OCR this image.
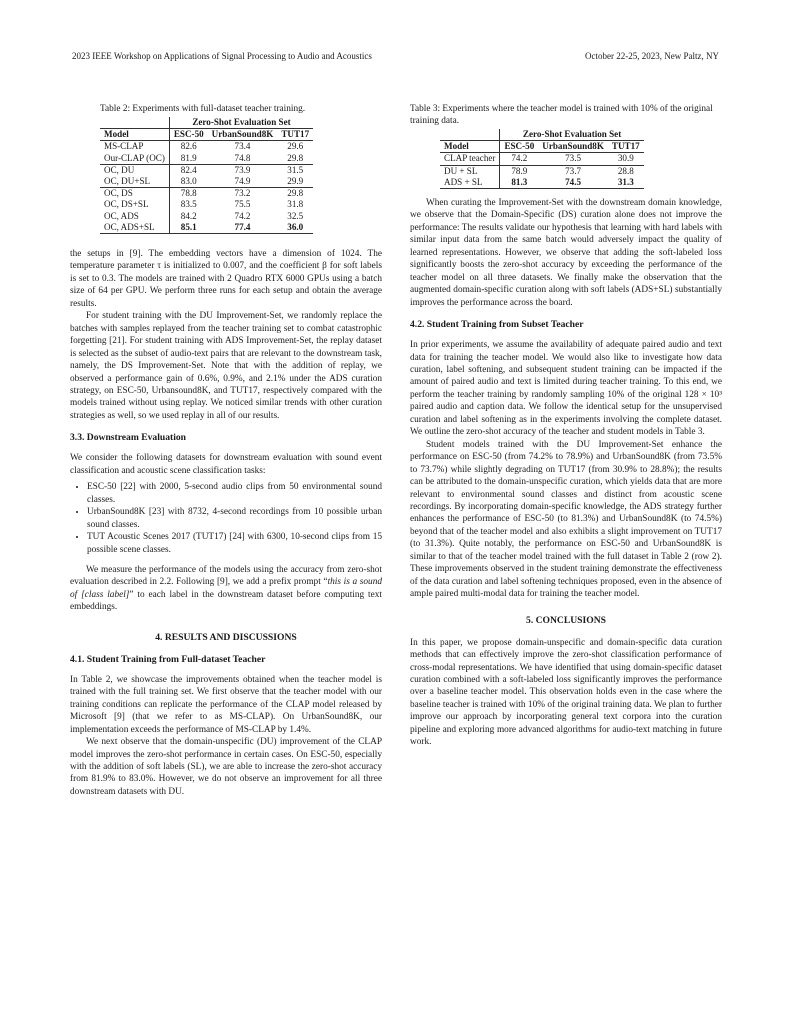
2023 IEEE Workshop on Applications of Signal Processing to Audio and Acoustics	October 22-25, 2023, New Paltz, NY

Table 2: Experiments with full-dataset teacher training.

	Zero-Shot Evaluation Set		
Model	ESC-50	UrbanSound8K	TUT17
MS-CLAP	82.6	73.4	29.6
Our-CLAP (OC)	81.9	74.8	29.8
OC, DU	82.4	73.9	31.5
OC, DU+SL	83.0	74.9	29.9
OC, DS	78.8	73.2	29.8
OC, DS+SL	83.5	75.5	31.8
OC, ADS	84.2	74.2	32.5
OC, ADS+SL	85.1	77.4	36.0

the setups in [9]. The embedding vectors have a dimension of 1024. The temperature parameter τ is initialized to 0.007, and the coefficient β for soft labels is set to 0.3. The models are trained with 2 Quadro RTX 6000 GPUs using a batch size of 64 per GPU. We perform three runs for each setup and obtain the average results.

For student training with the DU Improvement-Set, we randomly replace the batches with samples replayed from the teacher training set to combat catastrophic forgetting [21]. For student training with ADS Improvement-Set, the replay dataset is selected as the subset of audio-text pairs that are relevant to the downstream task, namely, the DS Improvement-Set. Note that with the addition of replay, we observed a performance gain of 0.6%, 0.9%, and 2.1% under the ADS curation strategy, on ESC-50, Urbansound8K, and TUT17, respectively compared with the models trained without using replay. We noticed similar trends with other curation strategies as well, so we used replay in all of our results.

3.3. Downstream Evaluation

We consider the following datasets for downstream evaluation with sound event classification and acoustic scene classification tasks:

• ESC-50 [22] with 2000, 5-second audio clips from 50 environmental sound classes.
• UrbanSound8K [23] with 8732, 4-second recordings from 10 possible urban sound classes.
• TUT Acoustic Scenes 2017 (TUT17) [24] with 6300, 10-second clips from 15 possible scene classes.

We measure the performance of the models using the accuracy from zero-shot evaluation described in 2.2. Following [9], we add a prefix prompt “this is a sound of [class label]” to each label in the downstream dataset before computing text embeddings.

4. RESULTS AND DISCUSSIONS
4.1. Student Training from Full-dataset Teacher

In Table 2, we showcase the improvements obtained when the teacher model is trained with the full training set. We first observe that the teacher model with our training conditions can replicate the performance of the CLAP model released by Microsoft [9] (that we refer to as MS-CLAP). On UrbanSound8K, our implementation exceeds the performance of MS-CLAP by 1.4%.

We next observe that the domain-unspecific (DU) improvement of the CLAP model improves the zero-shot performance in certain cases. On ESC-50, especially with the addition of soft labels (SL), we are able to increase the zero-shot accuracy from 81.9% to 83.0%. However, we do not observe an improvement for all three downstream datasets with DU.

Table 3: Experiments where the teacher model is trained with 10% of the original training data.

	Zero-Shot Evaluation Set		
Model	ESC-50	UrbanSound8K	TUT17
CLAP teacher	74.2	73.5	30.9
DU + SL	78.9	73.7	28.8
ADS + SL	81.3	74.5	31.3

When curating the Improvement-Set with the downstream domain knowledge, we observe that the Domain-Specific (DS) curation alone does not improve the performance: The results validate our hypothesis that learning with hard labels with similar input data from the same batch would adversely impact the quality of learned representations. However, we observe that adding the soft-labeled loss significantly boosts the zero-shot accuracy by exceeding the performance of the teacher model on all three datasets. We finally make the observation that the augmented domain-specific curation along with soft labels (ADS+SL) substantially improves the performance across the board.

4.2. Student Training from Subset Teacher

In prior experiments, we assume the availability of adequate paired audio and text data for training the teacher model. We would also like to investigate how data curation, label softening, and subsequent student training can be impacted if the amount of paired audio and text is limited during teacher training. To this end, we perform the teacher training by randomly sampling 10% of the original 128 × 10³ paired audio and caption data. We follow the identical setup for the unsupervised curation and label softening as in the experiments involving the complete dataset. We outline the zero-shot accuracy of the teacher and student models in Table 3.

Student models trained with the DU Improvement-Set enhance the performance on ESC-50 (from 74.2% to 78.9%) and UrbanSound8K (from 73.5% to 73.7%) while slightly degrading on TUT17 (from 30.9% to 28.8%); the results can be attributed to the domain-unspecific curation, which yields data that are more relevant to environmental sound classes and distinct from acoustic scene recordings. By incorporating domain-specific knowledge, the ADS strategy further enhances the performance of ESC-50 (to 81.3%) and UrbanSound8K (to 74.5%) beyond that of the teacher model and also exhibits a slight improvement on TUT17 (to 31.3%). Quite notably, the performance on ESC-50 and UrbanSound8K is similar to that of the teacher model trained with the full dataset in Table 2 (row 2). These improvements observed in the student training demonstrate the effectiveness of the data curation and label softening techniques proposed, even in the absence of ample paired multi-modal data for training the teacher model.

5. CONCLUSIONS

In this paper, we propose domain-unspecific and domain-specific data curation methods that can effectively improve the zero-shot classification performance of cross-modal representations. We have identified that using domain-specific dataset curation combined with a soft-labeled loss significantly improves the performance over a baseline teacher model. This observation holds even in the case where the baseline teacher is trained with 10% of the original training data. We plan to further improve our approach by incorporating general text corpora into the curation pipeline and exploring more advanced algorithms for audio-text matching in future work.
